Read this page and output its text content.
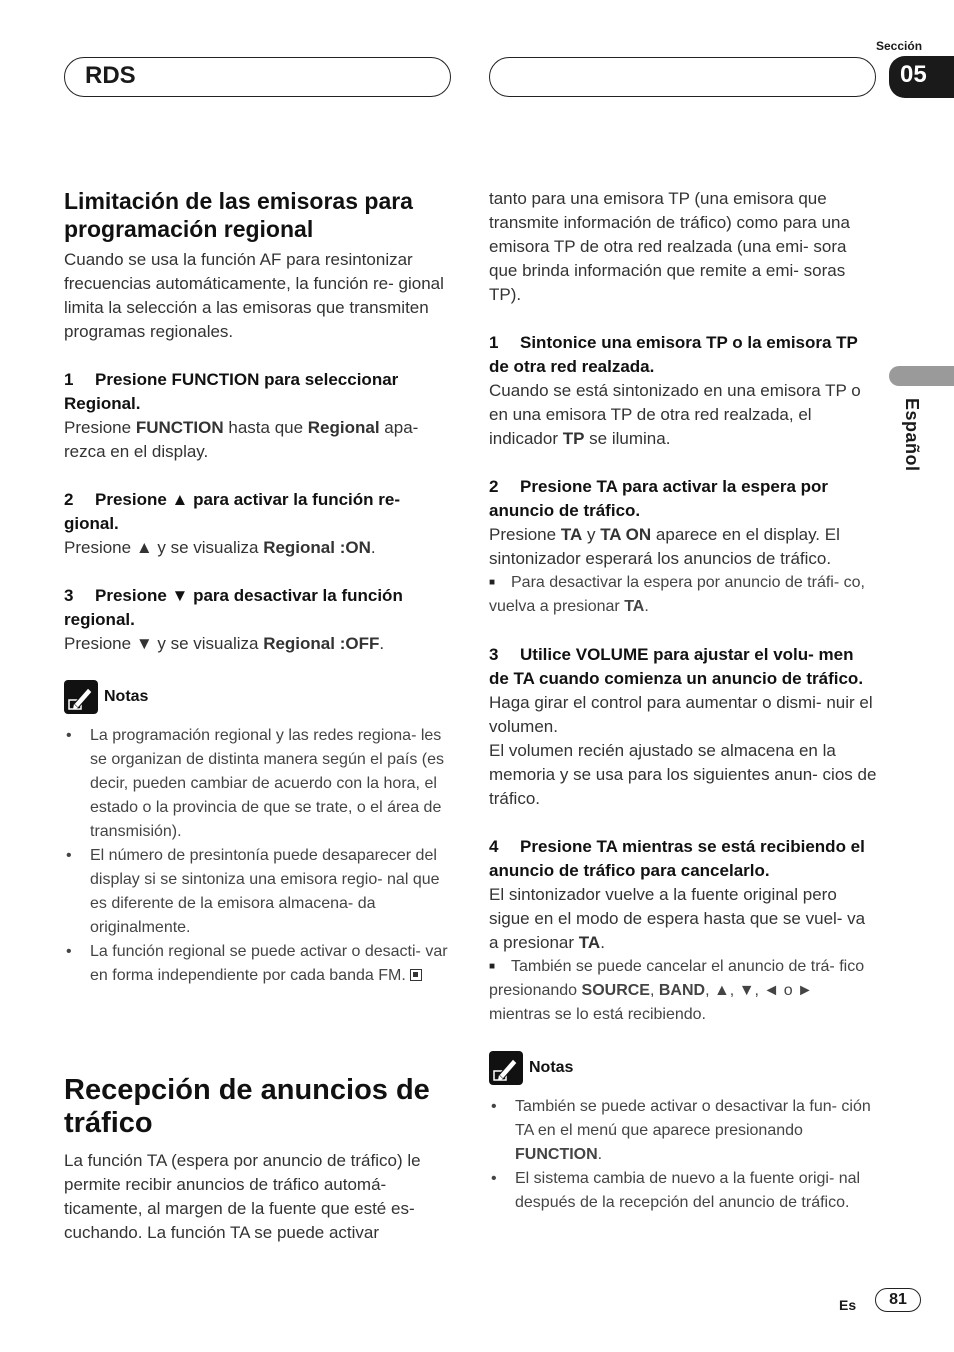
RDS
Sección
05
Español

Limitación de las emisoras para programación regional

Cuando se usa la función AF para resintonizar frecuencias automáticamente, la función re- gional limita la selección a las emisoras que transmiten programas regionales.

1 Presione FUNCTION para seleccionar Regional.

Presione FUNCTION hasta que Regional apa- rezca en el display.

2 Presione ▲ para activar la función re- gional.

Presione ▲ y se visualiza Regional :ON.

3 Presione ▼ para desactivar la función regional.

Presione ▼ y se visualiza Regional :OFF.

Notas
• La programación regional y las redes regiona- les se organizan de distinta manera según el país (es decir, pueden cambiar de acuerdo con la hora, el estado o la provincia de que se trate, o el área de transmisión).
• El número de presintonía puede desaparecer del display si se sintoniza una emisora regio- nal que es diferente de la emisora almacena- da originalmente.
• La función regional se puede activar o desacti- var en forma independiente por cada banda FM.

Recepción de anuncios de tráfico

La función TA (espera por anuncio de tráfico) le permite recibir anuncios de tráfico automá- ticamente, al margen de la fuente que esté es- cuchando. La función TA se puede activar

tanto para una emisora TP (una emisora que transmite información de tráfico) como para una emisora TP de otra red realzada (una emi- sora que brinda información que remite a emi- soras TP).

1 Sintonice una emisora TP o la emisora TP de otra red realzada.

Cuando se está sintonizado en una emisora TP o en una emisora TP de otra red realzada, el indicador TP se ilumina.

2 Presione TA para activar la espera por anuncio de tráfico.

Presione TA y TA ON aparece en el display. El sintonizador esperará los anuncios de tráfico.

■ Para desactivar la espera por anuncio de tráfi- co, vuelva a presionar TA.

3 Utilice VOLUME para ajustar el volu- men de TA cuando comienza un anuncio de tráfico.

Haga girar el control para aumentar o dismi- nuir el volumen.

El volumen recién ajustado se almacena en la memoria y se usa para los siguientes anun- cios de tráfico.

4 Presione TA mientras se está recibiendo el anuncio de tráfico para cancelarlo.

El sintonizador vuelve a la fuente original pero sigue en el modo de espera hasta que se vuel- va a presionar TA.

■ También se puede cancelar el anuncio de trá- fico presionando SOURCE, BAND, ▲, ▼, ◄ o ► mientras se lo está recibiendo.

Notas
• También se puede activar o desactivar la fun- ción TA en el menú que aparece presionando FUNCTION.
• El sistema cambia de nuevo a la fuente origi- nal después de la recepción del anuncio de tráfico.
Es	81
